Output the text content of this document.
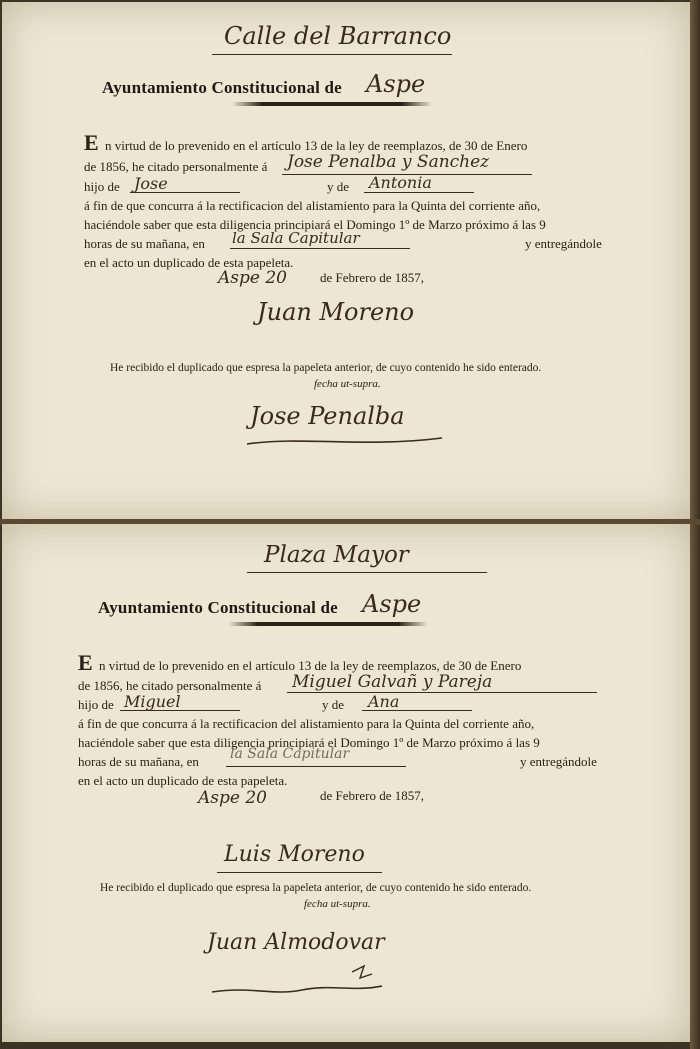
Calle del Barranco
Ayuntamiento Constitucional de Aspe
E n virtud de lo prevenido en el artículo 13 de la ley de reemplazos, de 30 de Enero
de 1856, he citado personalmente á Jose Penalba y Sanchez
hijo de Jose	y de Antonia
á fin de que concurra á la rectificacion del alistamiento para la Quinta del corriente año,
haciéndole saber que esta diligencia principiará el Domingo 1º de Marzo próximo á las 9
horas de su mañana, en la Sala Capitular	y entregándole
en el acto un duplicado de esta papeleta.
Aspe 20	de Febrero de 1857,
Juan Moreno
He recibido el duplicado que espresa la papeleta anterior, de cuyo contenido he sido enterado.
fecha ut-supra.
Jose Penalba
Plaza Mayor
Ayuntamiento Constitucional de Aspe
E n virtud de lo prevenido en el artículo 13 de la ley de reemplazos, de 30 de Enero
de 1856, he citado personalmente á Miguel Galvañ y Pareja
hijo de Miguel	y de Ana
á fin de que concurra á la rectificacion del alistamiento para la Quinta del corriente año,
haciéndole saber que esta diligencia principiará el Domingo 1º de Marzo próximo á las 9
horas de su mañana, en la Sala Capitular	y entregándole
en el acto un duplicado de esta papeleta.
Aspe 20	de Febrero de 1857,
Luis Moreno
He recibido el duplicado que espresa la papeleta anterior, de cuyo contenido he sido enterado.
fecha ut-supra.
Juan Almodovar
